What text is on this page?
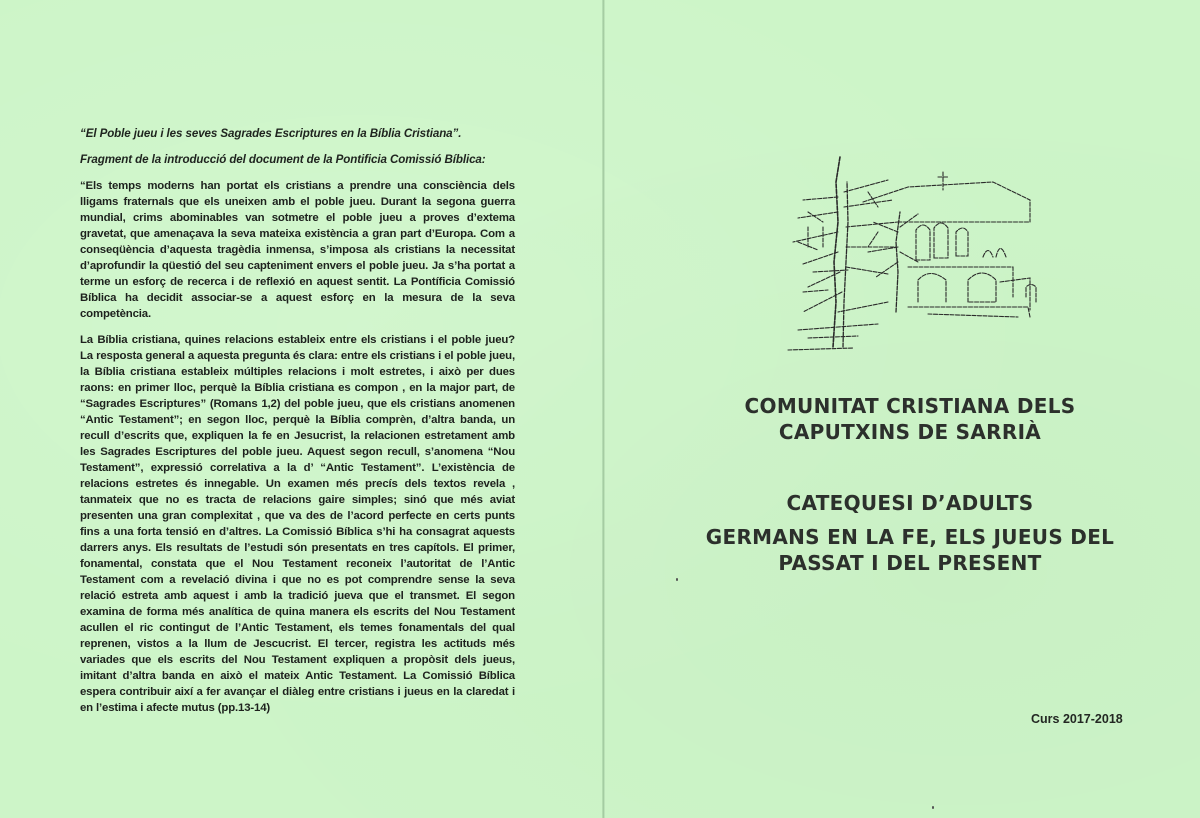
“El Poble jueu i les seves Sagrades Escriptures en la Bíblia Cristiana”.

Fragment de la introducció del document de la Pontificia Comissió Bíblica:

“Els temps moderns han portat els cristians a prendre una consciència dels lligams fraternals que els uneixen amb el poble jueu. Durant la segona guerra mundial, crims abominables van sotmetre el poble jueu a proves d’extema gravetat, que amenaçava la seva mateixa existència a gran part d’Europa. Com a conseqüència d’aquesta tragèdia inmensa, s’imposa als cristians la necessitat d’aprofundir la qüestió del seu capteniment envers el poble jueu. Ja s’ha portat a terme un esforç de recerca i de reflexió en aquest sentit. La Pontíficia Comissió Bíblica ha decidit associar-se a aquest esforç en la mesura de la seva competència.

La Bíblia cristiana, quines relacions estableix entre els cristians i el poble jueu? La resposta general a aquesta pregunta és clara: entre els cristians i el poble jueu, la Bíblia cristiana estableix múltiples relacions i molt estretes, i això per dues raons: en primer lloc, perquè la Bíblia cristiana es compon , en la major part, de “Sagrades Escriptures” (Romans 1,2) del poble jueu, que els cristians anomenen “Antic Testament”; en segon lloc, perquè la Bíblia comprèn, d’altra banda, un recull d’escrits que, expliquen la fe en Jesucrist, la relacionen estretament amb les Sagrades Escriptures del poble jueu. Aquest segon recull, s’anomena “Nou Testament”, expressió correlativa a la d’ “Antic Testament”. L’existència de relacions estretes és innegable. Un examen més precís dels textos revela , tanmateix que no es tracta de relacions gaire simples; sinó que més aviat presenten una gran complexitat , que va des de l’acord perfecte en certs punts fins a una forta tensió en d’altres. La Comissió Bíblica s’hi ha consagrat aquests darrers anys. Els resultats de l’estudi són presentats en tres capítols. El primer, fonamental, constata que el Nou Testament reconeix l’autoritat de l’Antic Testament com a revelació divina i que no es pot comprendre sense la seva relació estreta amb aquest i amb la tradició jueva que el transmet. El segon examina de forma més analítica de quina manera els escrits del Nou Testament acullen el ric contingut de l’Antic Testament, els temes fonamentals del qual reprenen, vistos a la llum de Jescucrist. El tercer, registra les actituds més variades que els escrits del Nou Testament expliquen a propòsit dels jueus, imitant d’altra banda en això el mateix Antic Testament. La Comissió Bíblica espera contribuir així a fer avançar el diàleg entre cristians i jueus en la claredat i en l’estima i afecte mutus (pp.13-14)

COMUNITAT CRISTIANA DELS
CAPUTXINS DE SARRIÀ
CATEQUESI D’ADULTS
GERMANS EN LA FE, ELS JUEUS DEL
PASSAT I DEL PRESENT
Curs 2017-2018
